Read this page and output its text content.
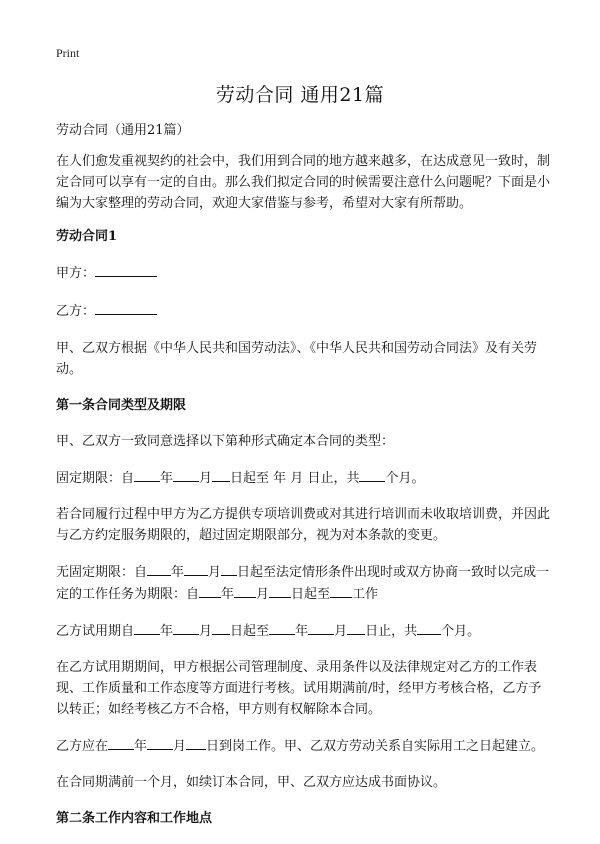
Print
劳动合同 通用21篇

劳动合同（通用21篇）

在人们愈发重视契约的社会中，我们用到合同的地方越来越多，在达成意见一致时，制定合同可以享有一定的自由。那么我们拟定合同的时候需要注意什么问题呢？下面是小编为大家整理的劳动合同，欢迎大家借鉴与参考，希望对大家有所帮助。

劳动合同1

甲方：

乙方：

甲、乙双方根据《中华人民共和国劳动法》、《中华人民共和国劳动合同法》及有关劳动。

第一条合同类型及期限

甲、乙双方一致同意选择以下第种形式确定本合同的类型：

固定期限：自 年 月 日起至 年 月 日止，共 个月。

若合同履行过程中甲方为乙方提供专项培训费或对其进行培训而未收取培训费，并因此与乙方约定服务期限的，超过固定期限部分，视为对本条款的变更。

无固定期限：自 年 月 日起至法定情形条件出现时或双方协商一致时以完成一定的工作任务为期限：自 年 月 日起至 工作

乙方试用期自 年 月 日起至 年 月 日止，共 个月。

在乙方试用期期间，甲方根据公司管理制度、录用条件以及法律规定对乙方的工作表现、工作质量和工作态度等方面进行考核。试用期满前/时，经甲方考核合格，乙方予以转正；如经考核乙方不合格，甲方则有权解除本合同。

乙方应在 年 月 日到岗工作。甲、乙双方劳动关系自实际用工之日起建立。

在合同期满前一个月，如续订本合同，甲、乙双方应达成书面协议。

第二条工作内容和工作地点
